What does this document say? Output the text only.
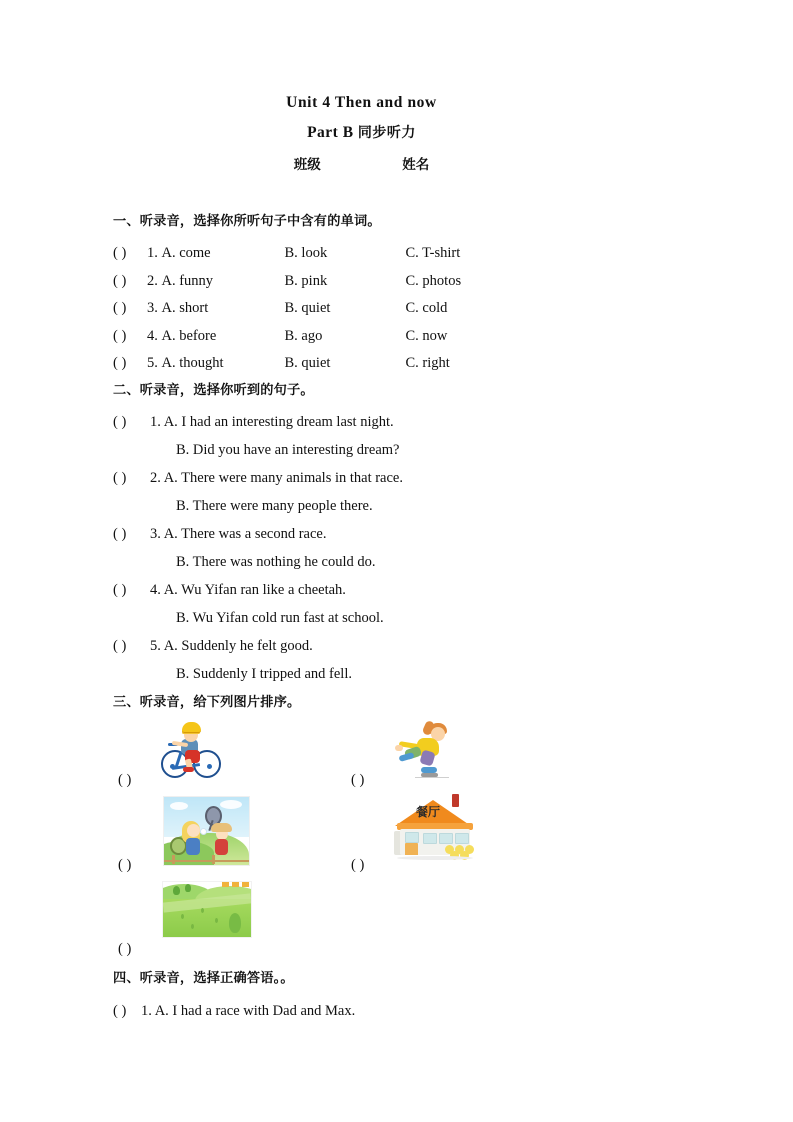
Unit 4 Then and now
Part B 同步听力
班级	姓名
一、听录音，选择你所听句子中含有的单词。
( ) 1. A. come	B. look	C. T-shirt
( ) 2. A. funny	B. pink	C. photos
( ) 3. A. short	B. quiet	C. cold
( ) 4. A. before	B. ago	C. now
( ) 5. A. thought	B. quiet	C. right
二、听录音，选择你听到的句子。
( ) 1. A. I had an interesting dream last night.
B. Did you have an interesting dream?
( ) 2. A. There were many animals in that race.
B. There were many people there.
( ) 3. A. There was a second race.
B. There was nothing he could do.
( ) 4. A. Wu Yifan ran like a cheetah.
B. Wu Yifan cold run fast at school.
( ) 5. A. Suddenly he felt good.
B. Suddenly I tripped and fell.
三、听录音，给下列图片排序。
( )	( )
( )
餐厅
( )
( )
四、听录音，选择正确答语。。
( ) 1. A. I had a race with Dad and Max.
